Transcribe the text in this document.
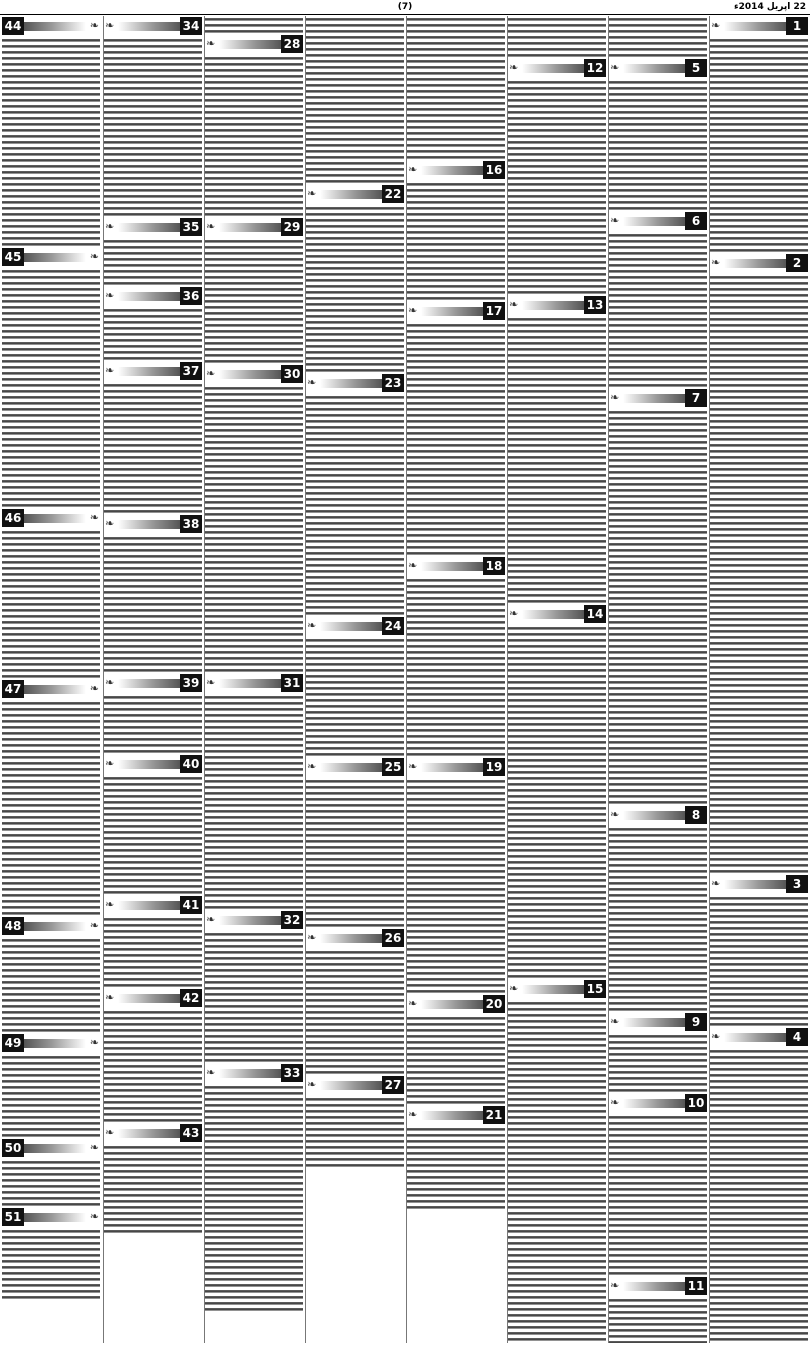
(7)	22 اپریل 2014ء
1
❧
2
❧
3
❧
4
❧
5
❧
6
❧
7
❧
8
❧
9
❧
10
❧
11
❧
12
❧
13
❧
14
❧
15
❧
16
❧
17
❧
18
❧
19
❧
20
❧
21
❧
22
❧
23
❧
24
❧
25
❧
26
❧
27
❧
28
❧
29
❧
30
❧
31
❧
32
❧
33
❧
34
❧
35
❧
36
❧
37
❧
38
❧
39
❧
40
❧
41
❧
42
❧
43
❧
44	❧
45	❧
46	❧
47	❧
48	❧
49	❧
50	❧
51	❧
